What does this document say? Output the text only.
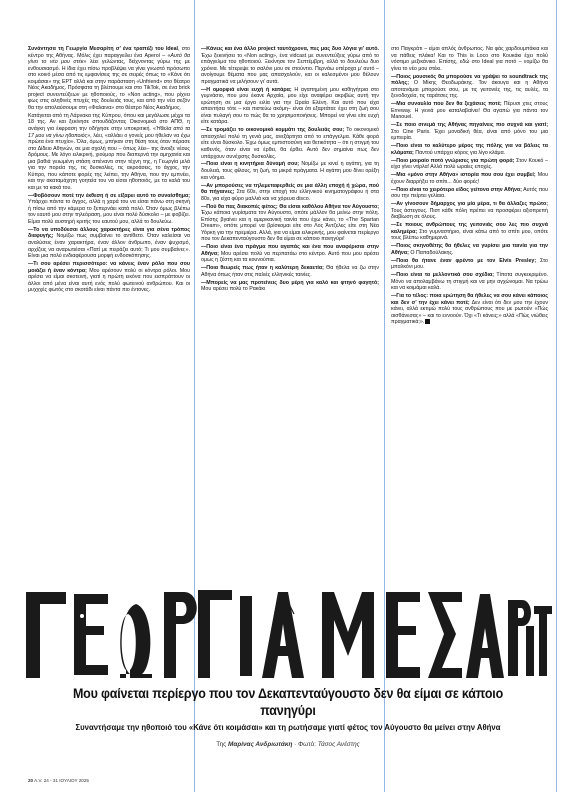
Συνάντησα τη Γεωργία Μεσαρίτη σ’ ένα τραπέζι του Ideal, στο κέντρο της Αθήνας. Μόλις έχει παραγγείλει ένα Aperol – «Αυτό θα γίνει το νέο μου στέκ» λέει γελώντας, δείχνοντας γύρω της με ενθουσιασμό. Η ίδια έχει πίσω προβλέψει να γίνει γνωστό πρόσωπο στο κοινό μέσα από τις εμφανίσεις της σε σειρές όπως το «Κάνε ότι κοιμάσαι» της ΕΡΤ αλλά και στην παράσταση «Unfriend» στο θέατρο Νέος Ακαδήμος. Πρόσφατα τη βλέπουμε και στο TikTok, σε ένα brick project συνεντεύξεων με ηθοποιούς, το «Non acting», που ρίχνει φως στις αληθινές πτυχές της δουλειάς τους, και από την νέα σεζόν θα την απολαύσουμε στη «Φαλαινα» στο θέατρο Νέος Ακαδήμος.

Κατάγεται από τη Λάρνακα της Κύπρου, όπου και μεγάλωσε μέχρι τα 18 της. Αν και ξεκίνησε σπουδάζοντας Οικονομικά στο ΑΠΘ, η ανάγκη για έκφραση την οδήγησε στην υποκριτική. «Ήθελα από τα 17 μου να γίνω ηθοποιός», λέει, «αλλάει ο γονείς μου ήθελαν να έχω πρώτα ένα πτυχίο». Όλα, όμως, μπήκαν στη θέση τους όταν πέρασε στο Δίδειο Αθηνών, σε μια σχολή που – όπως λέει– της άνοιξε νέους δρόμους. Με λόγο ειλικρινή, χιούμορ που διαπερνά την αμηχανία και μια βαθιά γειωμένη στάση απέναντι στην τέχνη της, η Γεωργία μιλά για την πορεία της, τις δυσκολίες, τις ακροάσεις, το άγχος, την Κύπρο, που κάποτε φορές της λείπει, την Αθήνα, που την εμπνέει, και την ακαταμάχητη γοητεία του να είσαι ηθοποιός, με τα καλά του και με τα κακά του.

—Φοβόσουν ποτέ την έκθεση ή σε είξαρει αυτό το συναίσθημα; Υπάρχει πάντα το άγχος, αλλά η χαρά του να είσαι πάνω στη σκηνή ή πίσω από την κάμερα το ξεπερνάει κατά πολύ. Όταν όμως βλέπω τον εαυτό μου στην τηλεόραση, μου είναι πολύ δύσκολο – με φοβίζει. Είμαι πολύ αυστηρή κριτής του εαυτού μου, αλλά το δουλεύω.

—Το να υποδύεσαι άλλους χαρακτήρες είναι για σένα τρόπος διαφυγής; Νομίζω πως συμβαίνει το αντίθετο. Όταν καλείσαι να αναλύσεις έναν χαρακτήρα, έναν άλλον άνθρωπο, έναν ψυχισμό, αρχίζεις να αναρωτιέσαι «Πατί με πειράζει αυτό; Τι μου συμβαίνει;». Είναι μια πολύ ενδιαφέρουσα μορφή ενδοσκόπησης.

—Τι σου αρέσει περισσότερο: να κάνεις έναν ρόλο που σου μοιάζει ή έναν κόντρα; Μου αρέσουν πολύ οι κόντρα ρόλοι. Μου αρέσει να είμαι σκοτεινή, γιατί η πρώτη εικόνα που εισπράττουν οι άλλοι από μένα είναι αυτή ενός πολύ φωτεινού ανθρώπου. Και οι μυχγχές φωτός στο σκοτάδι είναι πάντα πιο έντονες.

—Κάνεις και ένα άλλο project ταυτόχρονα, πες μας δυο λόγια γι’ αυτό. Έχω ξεκινήσει το «Non acting», ένα vidcast με συνεντεύξεις γύρω από το επάγγελμα του ηθοποιού. Ξεκίνησε τον Σεπτέμβρη, αλλά το δουλεύω δυο χρόνια. Με τέτερεψε το σαλόνι μου σε στούντιο. Περνάω υπέροχα μ’ αυτό – ανοίγουμε θέματα που μας απασχολούν, και οι καλεσμένοι μου θέλουν πραγματικά να μιλήσουν γι’ αυτά.

—Η ομορφιά είναι ευχή ή κατάρα; Η αγαπημένη μου καθηγήτρια στο γυμνάσιο, που μου έκανε Αρχαία, μου είχε αναφέρει ακριβώς αυτή την ερώτηση σε μια έργα ειλία για την Ωραία Ελένη. Και αυτό που είχα απαντήσει τότε – και πιστεύω ακόμη– είναι ότι εξαρτάται: έχει στη ζωή σου είναι πυλαγή σου το πώς θα το χρησιμοποιήσεις. Μπορεί να γίνει είτε ευχή είτε κατάρα.

—Σε τρομάζει το οικονομικό κομμάτι της δουλειάς σου; Το οικονομικό απασχολεί πολύ τη γενιά μας, ανεξάρτητα από το επάγγελμα. Κάθε φορά είτε είναι δύσκολο. Έχω όμως εμπιστοσύνη και θετικότητα – ότι η στιγμή του καθενός, όταν είναι να έρθει, θα έρθει. Αυτό δεν σημαίνει πως δεν υπάρχουν συνέχισης δυσκολίες.

—Ποια είναι η κινητήρια δύναμή σου; Νομίζω με κινεί η αγάπη, για τη δουλειά, τους φίλους, τη ζωή, τα μικρά πράγματα. Η αγάπη μου δίνει ορέξη και νόημα.

—Αν μπορούσες να τηλεμεταφερθείς σε μια άλλη εποχή ή χώρα, πού θα πήγαινες; Στα 60s, στην εποχή του ελληνικού κινηματογράφου ή στα 80s, για είχα φύρο μαλλιά και να χόρευα disco.

—Πού θα πας διακοπές φέτος; Θα είσαι καθόλου Αθήνα τον Αύγουστο; Έχω κάποια γυρίσματα τον Αύγουστο, οπότε μάλλον θα μείνω στην πόλη. Επίσης βγαίνει και η αμερικανική ταινία που έχω κάνει, το «The Spartan Dream», οπότε μπορεί να βρίσκομαι είτε στο Λος Άντζελες είτε στη Νέα Υόρκη για την πρεμιέρα. Αλλά, για να είμαι ειλικρινής, μου φαίνεται περίεργο που τον Δεκαπενταύγουστο δεν θα είμαι σε κάποιο πανηγύρι!

—Ποιο είναι ένα πράγμα που αγαπάς και ένα που αναφέρισαι στην Αθήνα; Μου αρέσει πολύ να περπατάω στο κέντρο. Αυτό που μου αρέσει ομως η ζέστη και τα κουνούπια.

—Ποια θεωρείς πως ήταν η καλύτερη δεκαετία; Θα ήθελα να ζω στην Αθήνα όπως ήταν στις παλιές ελληνικές ταινίες.

—Μπορείς να μας προτείνεις δυο μέρη για καλό και φτηνό φαγητό; Μου αρέσει πολύ το Ρακάκι

στο Παγκράτι – είμαι απλός άνθρωπος. Να φάς χαρδουμπάκια και να πάθεις πλάκα! Και το This is Loco στο Κουκάκι έχει πολύ νόστιμο μεξικάνικο. Επίσης, εδώ στο Ideal για ποτό – νομίζω θα γίνει το νέο μου στέκι.

—Ποιος μουσικός θα μπορούσε να γράψει το soundtrack της πόλης; Ο Μίκης Θεοδωράκης. Τον άκουγα και η Αθήνα αποτανάμαι μπορούσε σου, με τις γειτονιές της, τις αυλές, τα ξενοδοχεία, τις ταράτσες της.

—Μια συναυλία που δεν θα ξεχάσεις ποτέ; Πέρυσι χτες στους Erreway. Η γενιά μου καταλαβαίνει! Θα αγαπώ για πάντα τον Manouel.

—Σε ποιο σινεμά της Αθήνας πηγαίνεις πιο συχνά και γιατί; Στο Cine Paris. Έχει μοναδική θέα, είναι από μόνο του μια εμπειρία.

—Ποιο είναι το καλύτερο μέρος της πόλης για να βάλεις τα κλάματα; Παντού υπάρχει κόρος για λίγο κλάμα.

—Ποιο μοιραίο ποτό γνώρισες για πρώτη φορά; Στον Κουκό – είχα γίνει ντίρλα! Αλλά πολύ ωραίες εποχές.

—Μια «μόνο στην Αθήνα» ιστορία που σου έχει συμβεί; Μου έχουν διαρρήξει το σπίτι... δύο φορές!

—Ποιο είναι το χειρότερο είδος γείτονα στην Αθήνα; Αυτός που σου την πείρτει γελίαια.

—Αν γίνοσουν δήμαρχος για μία μέρα, τι θα άλλαζες πρώτο; Τους άστεγους. Πιστ κάθε πόλη πρέπει να προσφέρει αξιοπρεπή διαβίωση σε όλους.

—Σε ποιους ανθρώπους της γειτονιάς σου λες πιο συχνά καλημέρα; Στο γυμναστήριο, είναι κάτω από το σπίτι μου, οπότε τους βλέπω καθημερινά.

—Ποιος σκηνοθέτης θα ήθελες να γυρίσει μια ταινία για την Αθήνα; Ο Παπαδούλακης.

—Ποια θα ήτανε έναν φρέντο με τον Elvis Presley; Στο μπαλκόνι μου.

—Ποιο είναι τα μελλοντικά σου σχέδια; Τίποτα συγκεκριμένο. Μόνο να απολαμβάνω τη στιγμή και να μην αγχώνομαι. Να τρώω και να κοιμάμαι καλά.

—Για το τέλος: ποια ερώτηση θα ήθελες να σου κάνει κάποιος και δεν σ’ την έχει κάνει ποτέ; Δεν είναι ότι δεν μου την έχουν κάνει, αλλά εκτιμώ πολύ τους ανθρώπους που με ρωτούν «Πώς αισθάνεσαι;» – και το εννοούν. Όχι «Τι κάνεις;» αλλά «Πώς νιώθεις πραγματικά;».

Μου φαίνεται περίεργο που τον Δεκαπενταύγουστο δεν θα είμαι σε κάποιο πανηγύρι
Συναντήσαμε την ηθοποιό του «Κάνε ότι κοιμάσαι» και τη ρωτήσαμε γιατί φέτος τον Αύγουστο θα μείνει στην Αθήνα
Της Μαρίνας Ανδριωτάκη · Φωτό: Τάσος Ανέστης
20 A.V. 24 - 31 ΙΟΥΛΙΟΥ 2025
